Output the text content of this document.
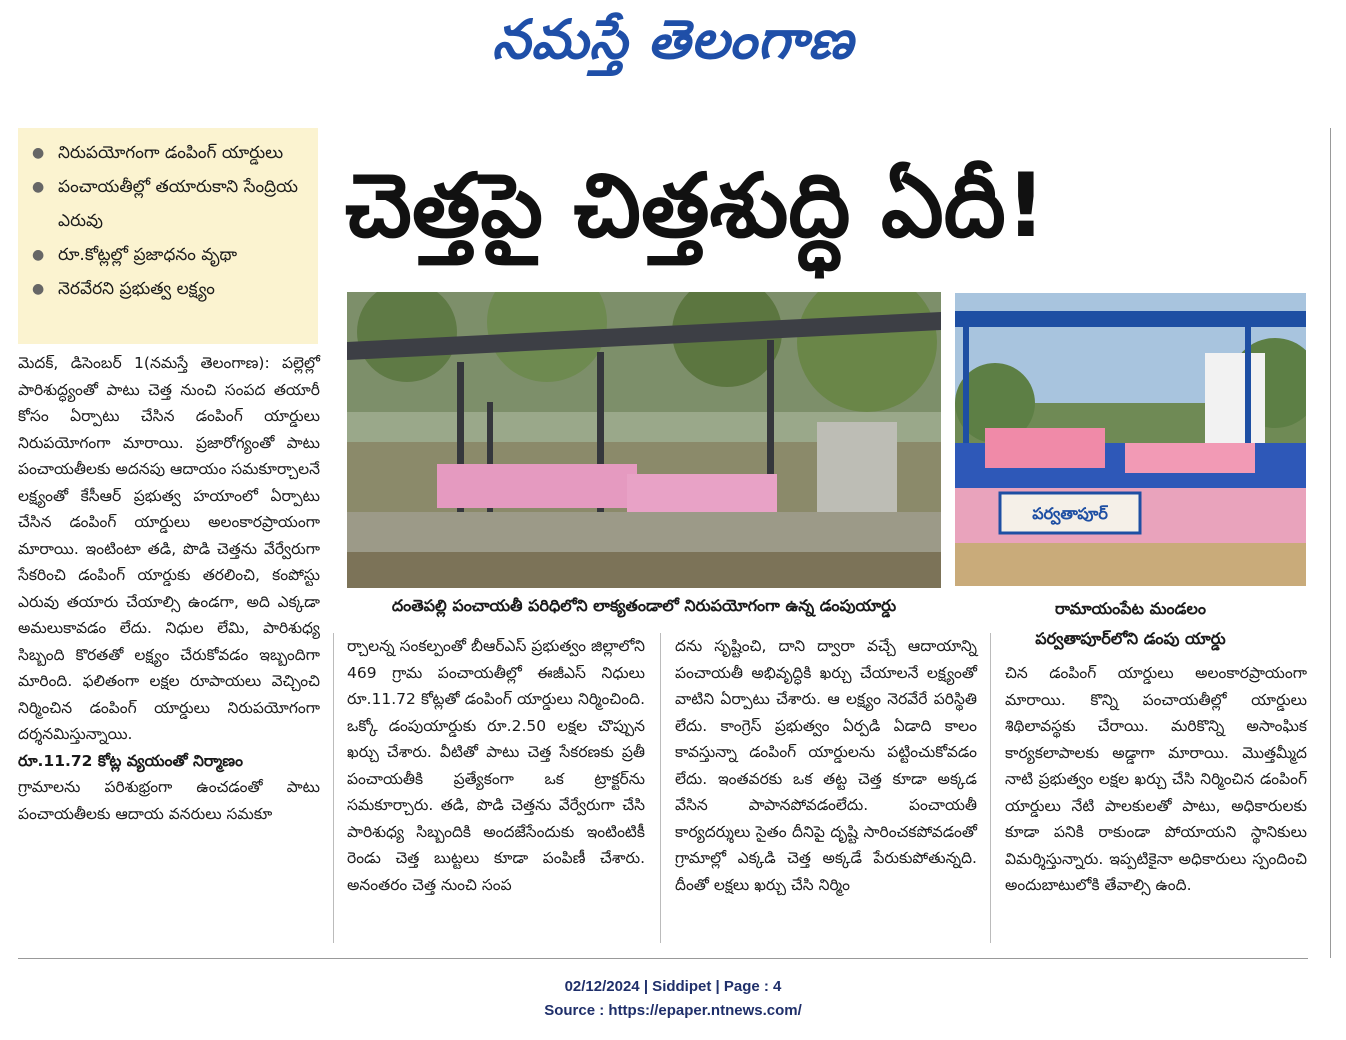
నమస్తే తెలంగాణ
● నిరుపయోగంగా డంపింగ్‌ యార్డులు
● పంచాయతీల్లో తయారుకాని సేంద్రియ ఎరువు
● రూ.కోట్లల్లో ప్రజాధనం వృథా
● నెరవేరని ప్రభుత్వ లక్ష్యం
చెత్తపై చిత్తశుద్ధి ఏదీ!
పర్వతాపూర్
దంతెపల్లి పంచాయతీ పరిధిలోని లాక్యతండాలో నిరుపయోగంగా ఉన్న డంపుయార్డు	రామాయంపేట మండలం
పర్వతాపూర్‌లోని డంపు యార్డు

మెదక్‌, డిసెంబర్‌ 1(నమస్తే తెలంగాణ): పల్లెల్లో పారిశుద్ధ్యంతో పాటు చెత్త నుంచి సంపద తయారీ కోసం ఏర్పాటు చేసిన డంపింగ్‌ యార్డులు నిరుపయోగంగా మారాయి. ప్రజారోగ్యంతో పాటు పంచాయతీలకు అదనపు ఆదాయం సమకూర్చాలనే లక్ష్యంతో కేసీఆర్‌ ప్రభుత్వ హయాంలో ఏర్పాటు చేసిన డంపింగ్‌ యార్డులు అలంకారప్రాయంగా మారాయి. ఇంటింటా తడి, పొడి చెత్తను వేర్వేరుగా సేకరించి డంపింగ్‌ యార్డుకు తరలించి, కంపోస్టు ఎరువు తయారు చేయాల్సి ఉండగా, అది ఎక్కడా అమలుకావడం లేదు. నిధుల లేమి, పారిశుధ్య సిబ్బంది కొరతతో లక్ష్యం చేరుకోవడం ఇబ్బందిగా మారింది. ఫలితంగా లక్షల రూపాయలు వెచ్చించి నిర్మించిన డంపింగ్‌ యార్డులు నిరుపయోగంగా దర్శనమిస్తున్నాయి.

రూ.11.72 కోట్ల వ్యయంతో నిర్మాణం

గ్రామాలను పరిశుభ్రంగా ఉంచడంతో పాటు పంచాయతీలకు ఆదాయ వనరులు సమకూ

ర్చాలన్న సంకల్పంతో బీఆర్‌ఎస్‌ ప్రభుత్వం జిల్లాలోని 469 గ్రామ పంచాయతీల్లో ఈజీఎస్‌ నిధులు రూ.11.72 కోట్లతో డంపింగ్‌ యార్డులు నిర్మించింది. ఒక్కో డంపుయార్డుకు రూ.2.50 లక్షల చొప్పున ఖర్చు చేశారు. వీటితో పాటు చెత్త సేకరణకు ప్రతీ పంచాయతీకి ప్రత్యేకంగా ఒక ట్రాక్టర్‌ను సమకూర్చారు. తడి, పొడి చెత్తను వేర్వేరుగా చేసి పారిశుధ్య సిబ్బందికి అందజేసేందుకు ఇంటింటికీ రెండు చెత్త బుట్టలు కూడా పంపిణీ చేశారు. అనంతరం చెత్త నుంచి సంప

దను సృష్టించి, దాని ద్వారా వచ్చే ఆదాయాన్ని పంచాయతీ అభివృద్ధికి ఖర్చు చేయాలనే లక్ష్యంతో వాటిని ఏర్పాటు చేశారు. ఆ లక్ష్యం నెరవేరే పరిస్థితి లేదు. కాంగ్రెస్‌ ప్రభుత్వం ఏర్పడి ఏడాది కాలం కావస్తున్నా డంపింగ్‌ యార్డులను పట్టించుకోవడం లేదు. ఇంతవరకు ఒక తట్ట చెత్త కూడా అక్కడ వేసిన పాపానపోవడంలేదు. పంచాయతీ కార్యదర్శులు సైతం దీనిపై దృష్టి సారించకపోవడంతో గ్రామాల్లో ఎక్కడి చెత్త అక్కడే పేరుకుపోతున్నది. దీంతో లక్షలు ఖర్చు చేసి నిర్మిం

చిన డంపింగ్‌ యార్డులు అలంకారప్రాయంగా మారాయి. కొన్ని పంచాయతీల్లో యార్డులు శిథిలావస్థకు చేరాయి. మరికొన్ని అసాంఘిక కార్యకలాపాలకు అడ్డాగా మారాయి. మొత్తమ్మీద నాటి ప్రభుత్వం లక్షల ఖర్చు చేసి నిర్మించిన డంపింగ్‌ యార్డులు నేటి పాలకులతో పాటు, అధికారులకు కూడా పనికి రాకుండా పోయాయని స్థానికులు విమర్శిస్తున్నారు. ఇప్పటికైనా అధికారులు స్పందించి అందుబాటులోకి తేవాల్సి ఉంది.

02/12/2024 | Siddipet | Page : 4
Source : https://epaper.ntnews.com/
